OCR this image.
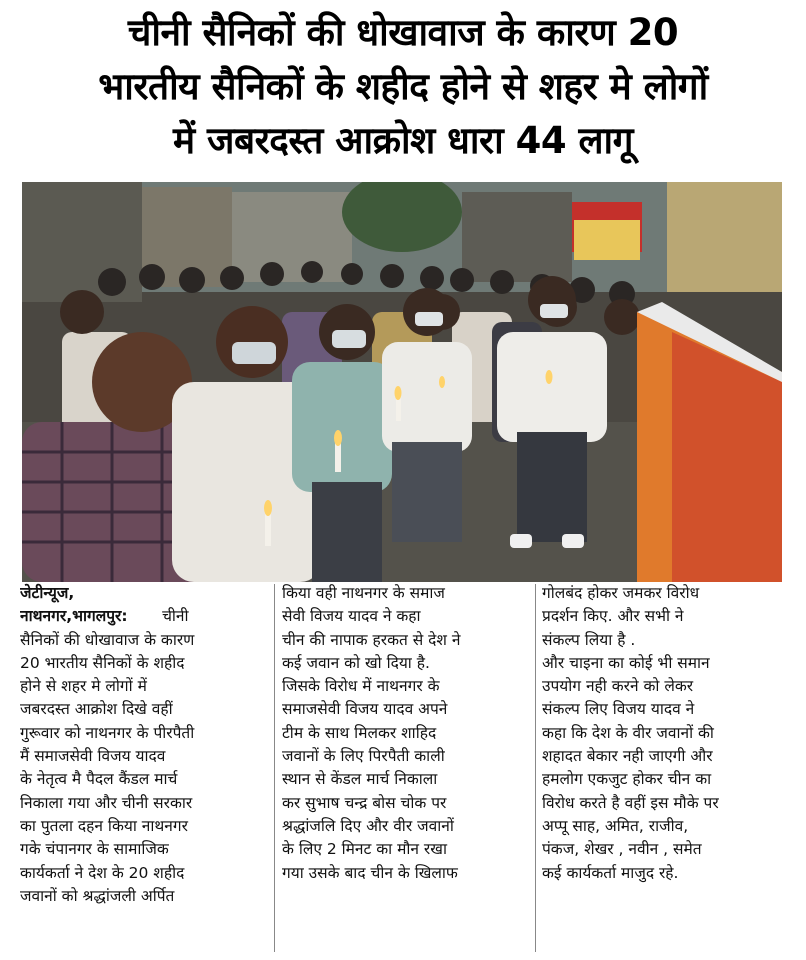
चीनी सैनिकों की धोखावाज के कारण 20
भारतीय सैनिकों के शहीद होने से शहर मे लोगों
में जबरदस्त आक्रोश धारा 44 लागू
जेटीन्यूज,
नाथनगर,भागलपुर: चीनी
सैनिकों की धोखावाज के कारण
20 भारतीय सैनिकों के शहीद
होने से शहर मे लोगों में
जबरदस्त आक्रोश दिखे वहीं
गुरूवार को नाथनगर के पीरपैती
मैं समाजसेवी विजय यादव
के नेतृत्व मै पैदल कैंडल मार्च
निकाला गया और चीनी सरकार
का पुतला दहन किया नाथनगर
गके चंपानगर के सामाजिक
कार्यकर्ता ने देश के 20 शहीद
जवानों को श्रद्धांजली अर्पित
किया वही नाथनगर के समाज
सेवी विजय यादव ने कहा
चीन की नापाक हरकत से देश ने
कई जवान को खो दिया है.
जिसके विरोध में नाथनगर के
समाजसेवी विजय यादव अपने
टीम के साथ मिलकर शाहिद
जवानों के लिए पिरपैती काली
स्थान से केंडल मार्च निकाला
कर सुभाष चन्द्र बोस चोक पर
श्रद्धांजलि दिए और वीर जवानों
के लिए 2 मिनट का मौन रखा
गया उसके बाद चीन के खिलाफ
गोलबंद होकर जमकर विरोध
प्रदर्शन किए. और सभी ने
संकल्प लिया है .
और चाइना का कोई भी समान
उपयोग नही करने को लेकर
संकल्प लिए विजय यादव ने
कहा कि देश के वीर जवानों की
शहादत बेकार नही जाएगी और
हमलोग एकजुट होकर चीन का
विरोध करते है वहीं इस मौके पर
अप्पू साह, अमित, राजीव,
पंकज, शेखर , नवीन , समेत
कई कार्यकर्ता माजुद रहे.
